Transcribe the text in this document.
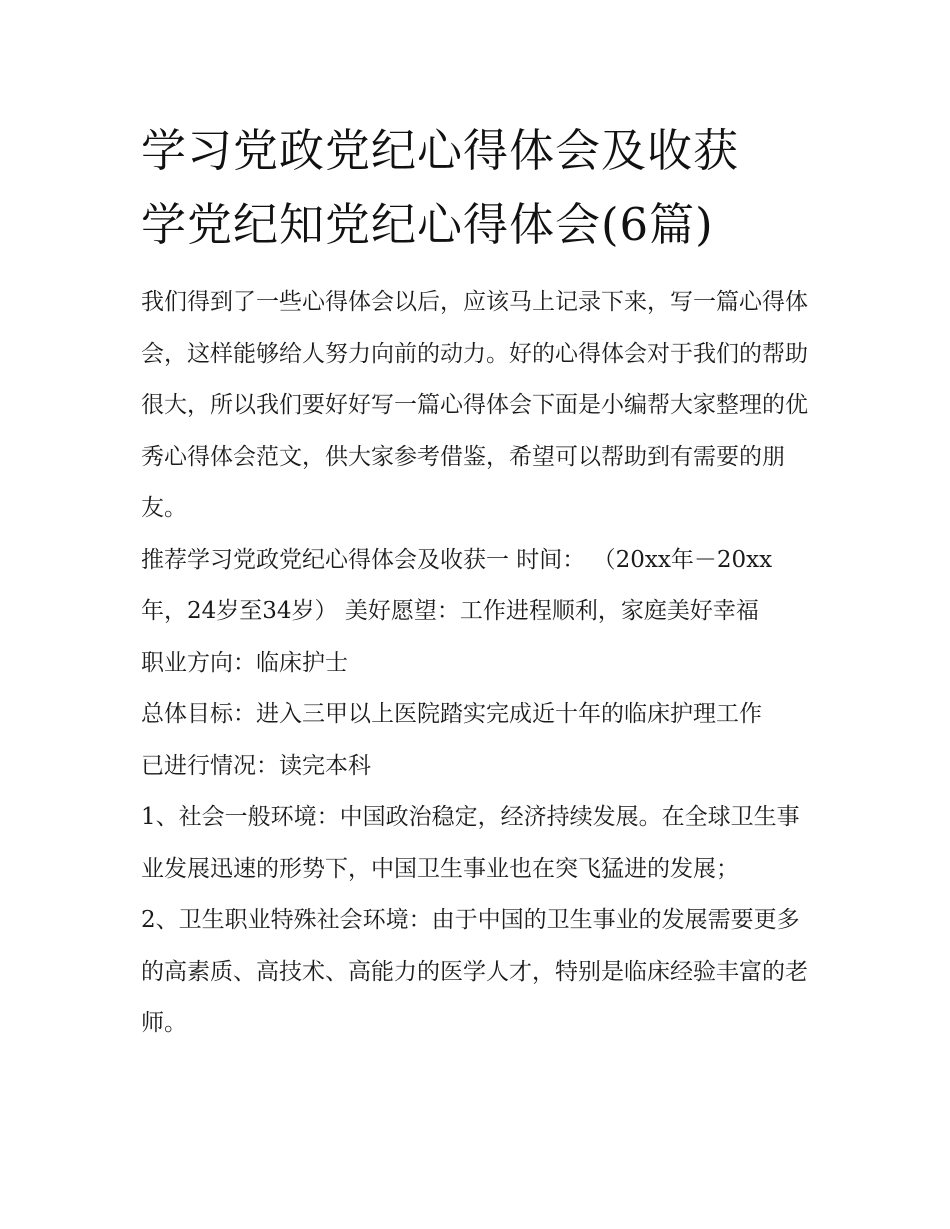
学习党政党纪心得体会及收获
学党纪知党纪心得体会(6篇)

我们得到了一些心得体会以后，应该马上记录下来，写一篇心得体会，这样能够给人努力向前的动力。好的心得体会对于我们的帮助很大，所以我们要好好写一篇心得体会下面是小编帮大家整理的优秀心得体会范文，供大家参考借鉴，希望可以帮助到有需要的朋友。

推荐学习党政党纪心得体会及收获一 时间： （20xx年－20xx年，24岁至34岁） 美好愿望：工作进程顺利，家庭美好幸福

职业方向：临床护士

总体目标：进入三甲以上医院踏实完成近十年的临床护理工作

已进行情况：读完本科

1、社会一般环境：中国政治稳定，经济持续发展。在全球卫生事业发展迅速的形势下，中国卫生事业也在突飞猛进的发展；

2、卫生职业特殊社会环境：由于中国的卫生事业的发展需要更多的高素质、高技术、高能力的医学人才，特别是临床经验丰富的老师。
